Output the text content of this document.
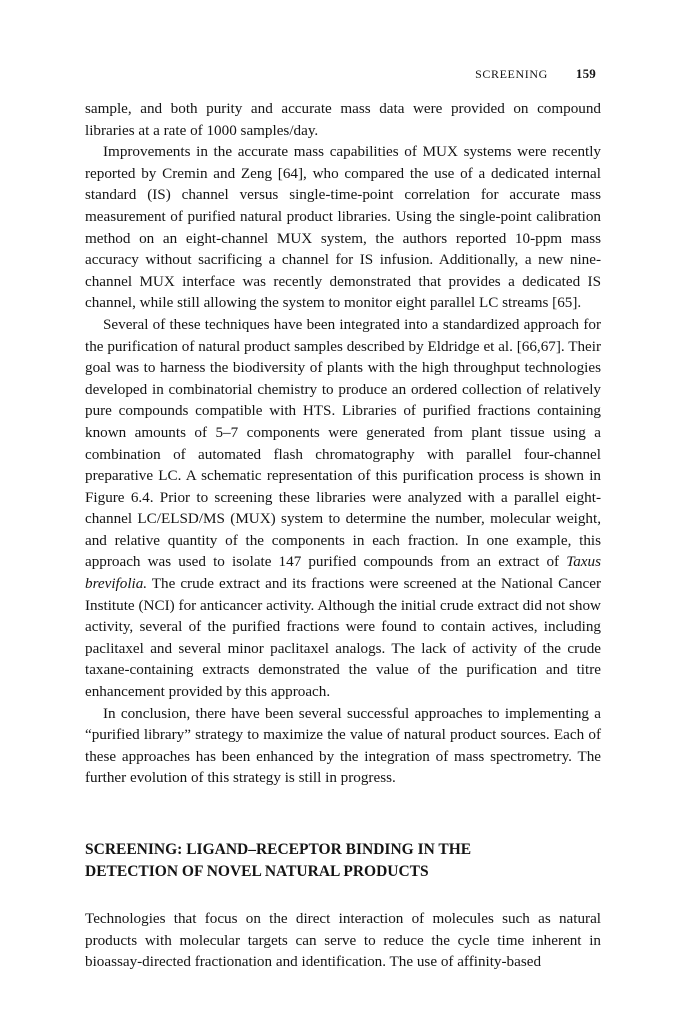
SCREENING 159

sample, and both purity and accurate mass data were provided on compound libraries at a rate of 1000 samples/day.

Improvements in the accurate mass capabilities of MUX systems were recently reported by Cremin and Zeng [64], who compared the use of a dedicated internal standard (IS) channel versus single-time-point correlation for accurate mass measurement of purified natural product libraries. Using the single-point calibration method on an eight-channel MUX system, the authors reported 10-ppm mass accuracy without sacrificing a channel for IS infusion. Additionally, a new nine-channel MUX interface was recently demonstrated that provides a dedicated IS channel, while still allowing the system to monitor eight parallel LC streams [65].

Several of these techniques have been integrated into a standardized approach for the purification of natural product samples described by Eldridge et al. [66,67]. Their goal was to harness the biodiversity of plants with the high throughput technologies developed in combinatorial chemistry to produce an ordered collection of relatively pure compounds compatible with HTS. Libraries of purified fractions containing known amounts of 5–7 components were generated from plant tissue using a combination of automated flash chromatography with parallel four-channel preparative LC. A schematic representation of this purification process is shown in Figure 6.4. Prior to screening these libraries were analyzed with a parallel eight-channel LC/ELSD/MS (MUX) system to determine the number, molecular weight, and relative quantity of the components in each fraction. In one example, this approach was used to isolate 147 purified compounds from an extract of Taxus brevifolia. The crude extract and its fractions were screened at the National Cancer Institute (NCI) for anticancer activity. Although the initial crude extract did not show activity, several of the purified fractions were found to contain actives, including paclitaxel and several minor paclitaxel analogs. The lack of activity of the crude taxane-containing extracts demonstrated the value of the purification and titre enhancement provided by this approach.

In conclusion, there have been several successful approaches to implementing a “purified library” strategy to maximize the value of natural product sources. Each of these approaches has been enhanced by the integration of mass spectrometry. The further evolution of this strategy is still in progress.

SCREENING: LIGAND–RECEPTOR BINDING IN THE
DETECTION OF NOVEL NATURAL PRODUCTS

Technologies that focus on the direct interaction of molecules such as natural products with molecular targets can serve to reduce the cycle time inherent in bioassay-directed fractionation and identification. The use of affinity-based
